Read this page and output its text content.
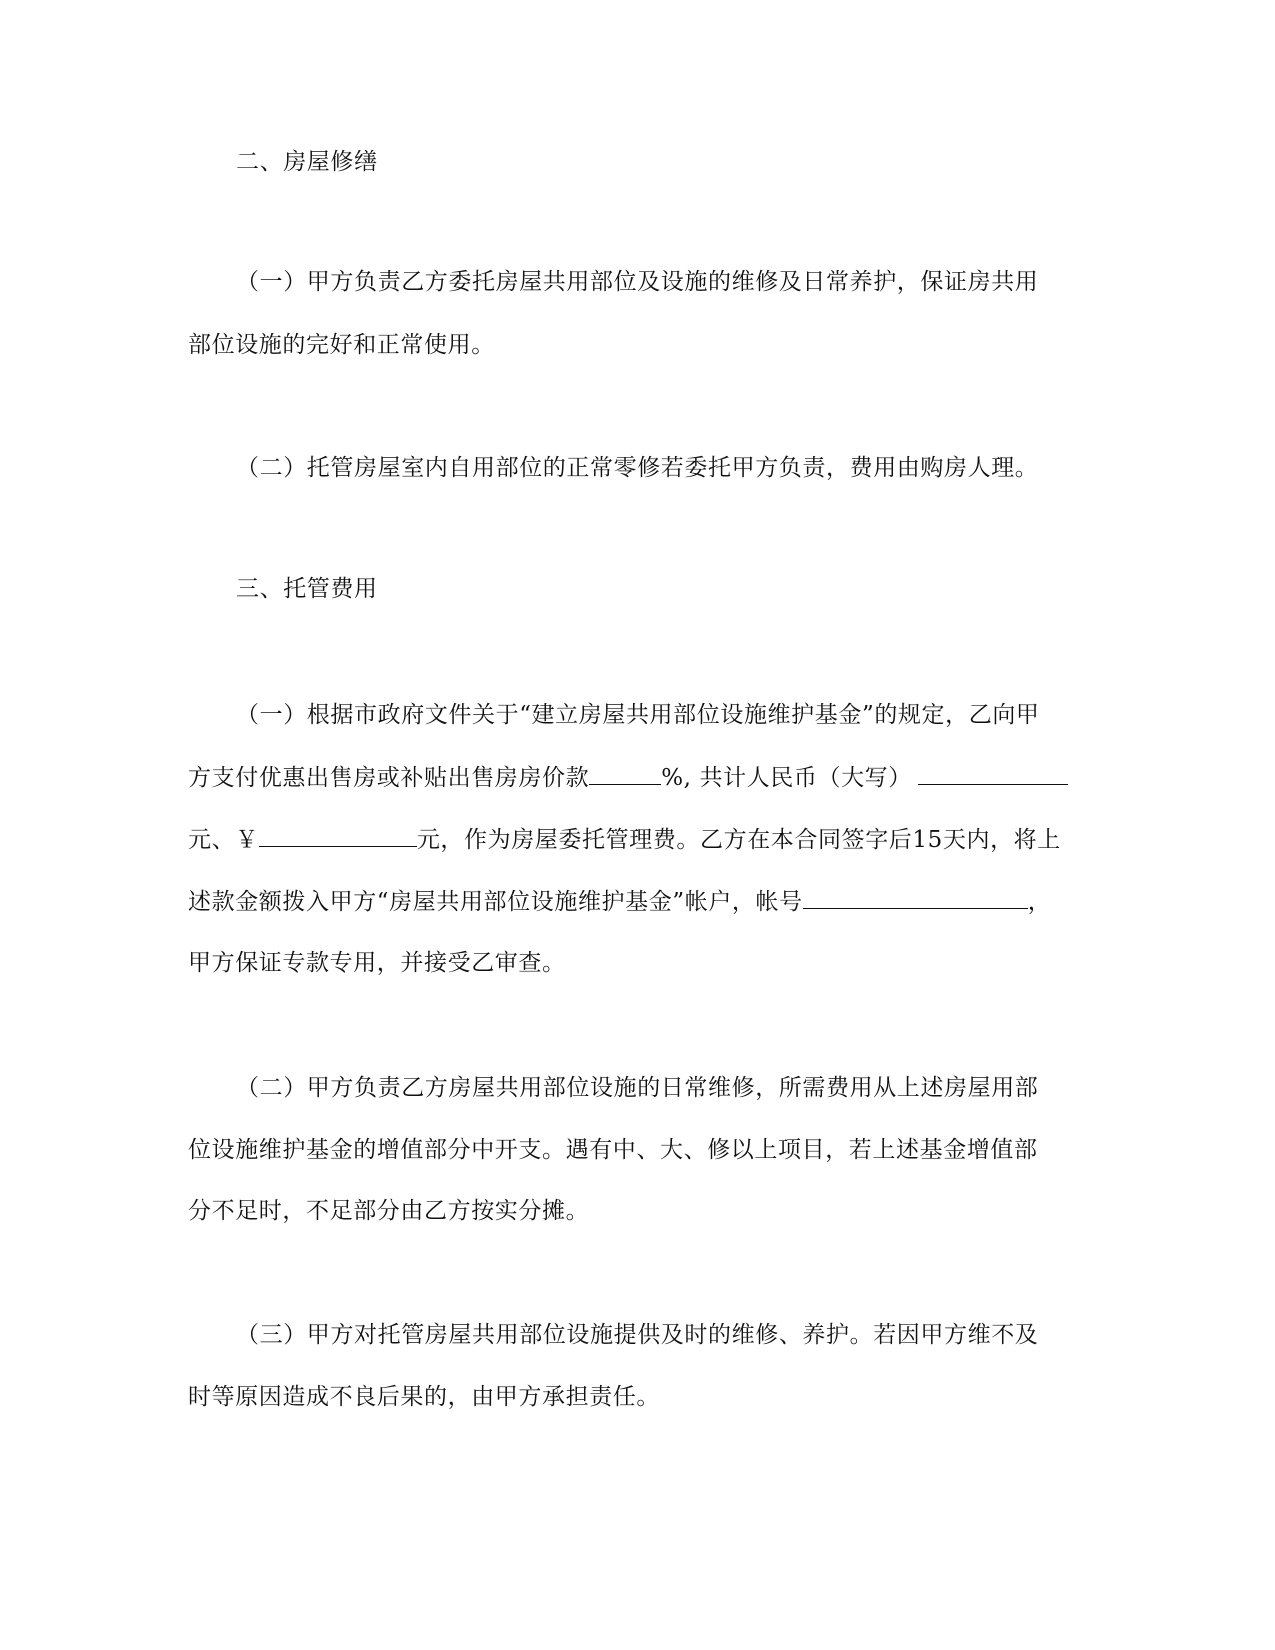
二、房屋修缮
（一）甲方负责乙方委托房屋共用部位及设施的维修及日常养护，保证房共用
部位设施的完好和正常使用。
（二）托管房屋室内自用部位的正常零修若委托甲方负责，费用由购房人理。
三、托管费用
（一）根据市政府文件关于“建立房屋共用部位设施维护基金”的规定，乙向甲
方支付优惠出售房或补贴出售房房价款	%, 共计人民币（大写）
元、￥	元，作为房屋委托管理费。乙方在本合同签字后15天内，将上
述款金额拨入甲方“房屋共用部位设施维护基金”帐户，帐号	，
甲方保证专款专用，并接受乙审查。
（二）甲方负责乙方房屋共用部位设施的日常维修，所需费用从上述房屋用部
位设施维护基金的增值部分中开支。遇有中、大、修以上项目，若上述基金增值部
分不足时，不足部分由乙方按实分摊。
（三）甲方对托管房屋共用部位设施提供及时的维修、养护。若因甲方维不及
时等原因造成不良后果的，由甲方承担责任。
